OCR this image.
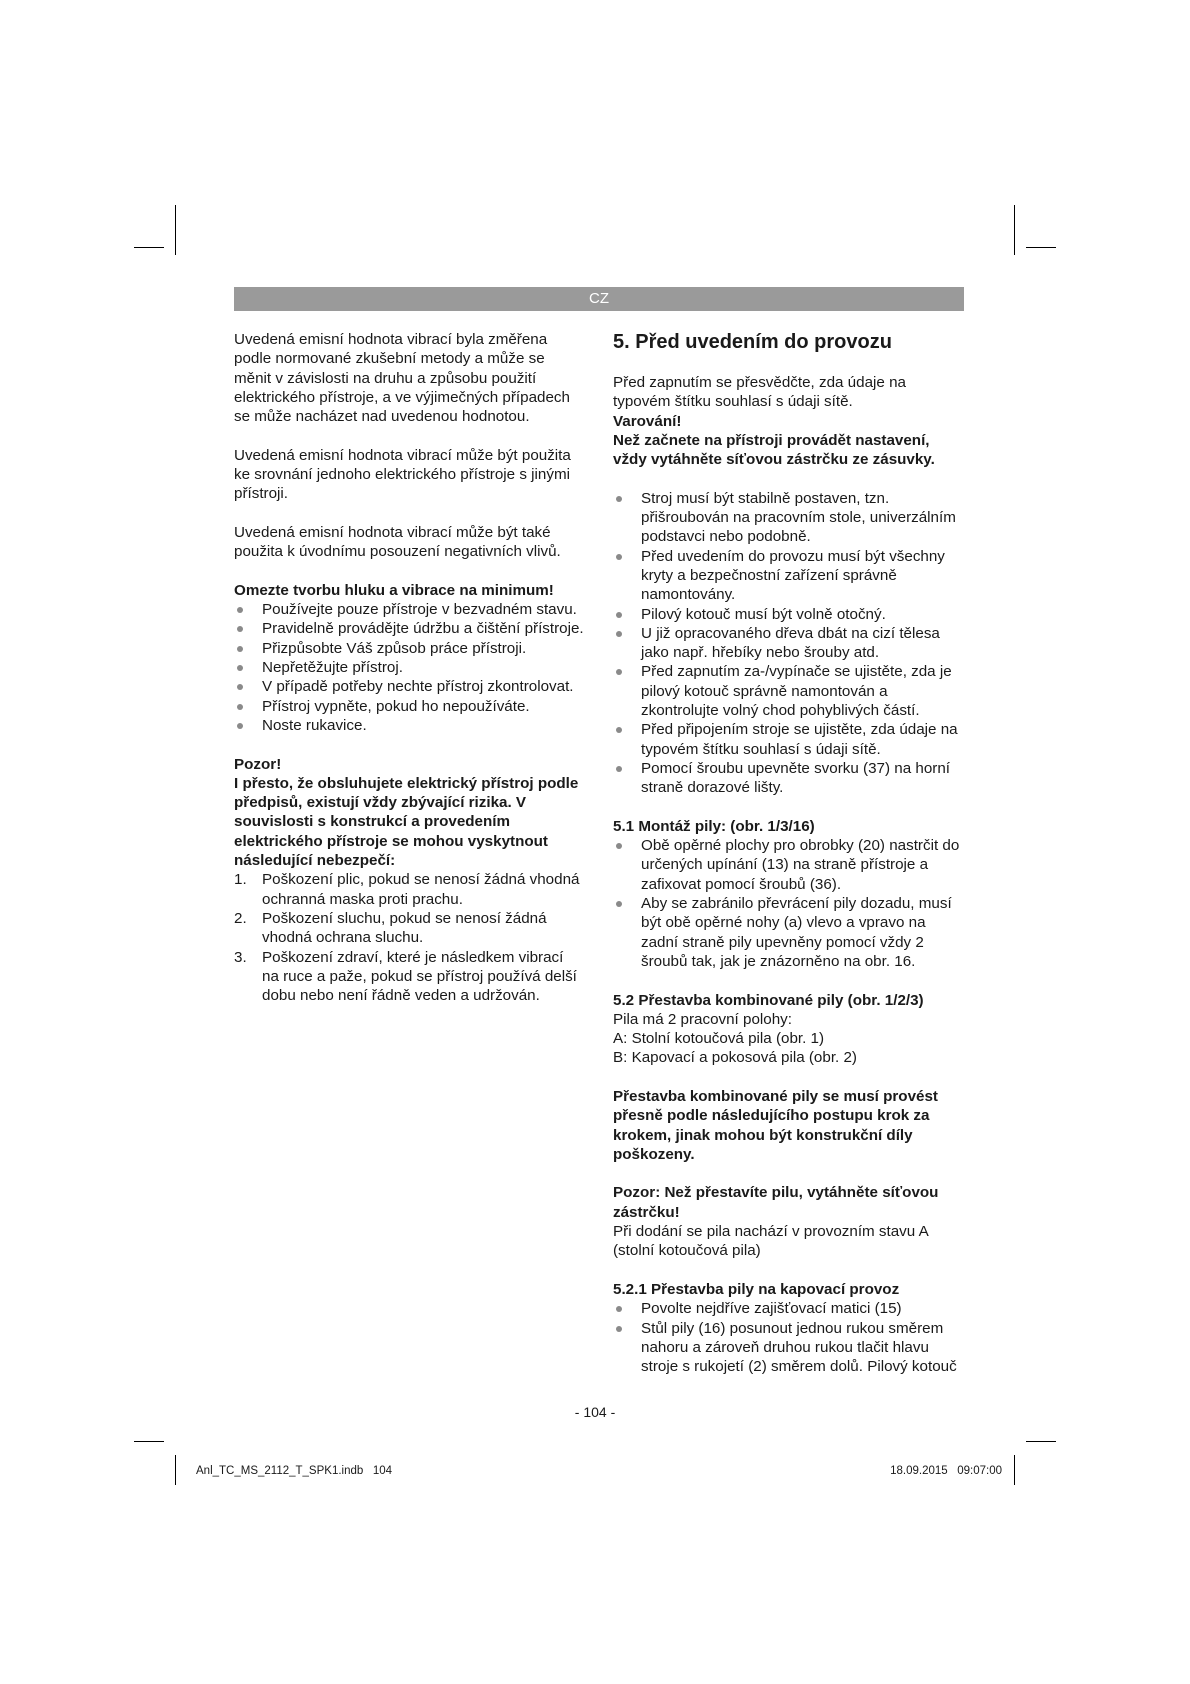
CZ

Uvedená emisní hodnota vibrací byla změřena podle normované zkušební metody a může se měnit v závislosti na druhu a způsobu použití elektrického přístroje, a ve výjimečných případech se může nacházet nad uvedenou hodnotou.

Uvedená emisní hodnota vibrací může být použita ke srovnání jednoho elektrického přístroje s jinými přístroji.

Uvedená emisní hodnota vibrací může být také použita k úvodnímu posouzení negativních vlivů.

Omezte tvorbu hluku a vibrace na minimum!

Používejte pouze přístroje v bezvadném stavu.
Pravidelně provádějte údržbu a čištění přístroje.
Přizpůsobte Váš způsob práce přístroji.
Nepřetěžujte přístroj.
V případě potřeby nechte přístroj zkontrolovat.
Přístroj vypněte, pokud ho nepoužíváte.
Noste rukavice.

Pozor!

I přesto, že obsluhujete elektrický přístroj podle předpisů, existují vždy zbývající rizika. V souvislosti s konstrukcí a provedením elektrického přístroje se mohou vyskytnout následující nebezpečí:

1. Poškození plic, pokud se nenosí žádná vhodná ochranná maska proti prachu.
2. Poškození sluchu, pokud se nenosí žádná vhodná ochrana sluchu.
3. Poškození zdraví, které je následkem vibrací na ruce a paže, pokud se přístroj používá delší dobu nebo není řádně veden a udržován.
5. Před uvedením do provozu

Před zapnutím se přesvědčte, zda údaje na typovém štítku souhlasí s údaji sítě.

Varování!

Než začnete na přístroji provádět nastavení, vždy vytáhněte síťovou zástrčku ze zásuvky.

Stroj musí být stabilně postaven, tzn. přišroubován na pracovním stole, univerzálním podstavci nebo podobně.
Před uvedením do provozu musí být všechny kryty a bezpečnostní zařízení správně namontovány.
Pilový kotouč musí být volně otočný.
U již opracovaného dřeva dbát na cizí tělesa jako např. hřebíky nebo šrouby atd.
Před zapnutím za-/vypínače se ujistěte, zda je pilový kotouč správně namontován a zkontrolujte volný chod pohyblivých částí.
Před připojením stroje se ujistěte, zda údaje na typovém štítku souhlasí s údaji sítě.
Pomocí šroubu upevněte svorku (37) na horní straně dorazové lišty.

5.1 Montáž pily: (obr. 1/3/16)

Obě opěrné plochy pro obrobky (20) nastrčit do určených upínání (13) na straně přístroje a zafixovat pomocí šroubů (36).
Aby se zabránilo převrácení pily dozadu, musí být obě opěrné nohy (a) vlevo a vpravo na zadní straně pily upevněny pomocí vždy 2 šroubů tak, jak je znázorněno na obr. 16.

5.2 Přestavba kombinované pily (obr. 1/2/3)

Pila má 2 pracovní polohy:

A: Stolní kotoučová pila (obr. 1)

B: Kapovací a pokosová pila (obr. 2)

Přestavba kombinované pily se musí provést přesně podle následujícího postupu krok za krokem, jinak mohou být konstrukční díly poškozeny.

Pozor: Než přestavíte pilu, vytáhněte síťovou zástrčku!

Při dodání se pila nachází v provozním stavu A (stolní kotoučová pila)

5.2.1 Přestavba pily na kapovací provoz

Povolte nejdříve zajišťovací matici (15)
Stůl pily (16) posunout jednou rukou směrem nahoru a zároveň druhou rukou tlačit hlavu stroje s rukojetí (2) směrem dolů. Pilový kotouč
- 104 -
Anl_TC_MS_2112_T_SPK1.indb   104	18.09.2015   09:07:00
